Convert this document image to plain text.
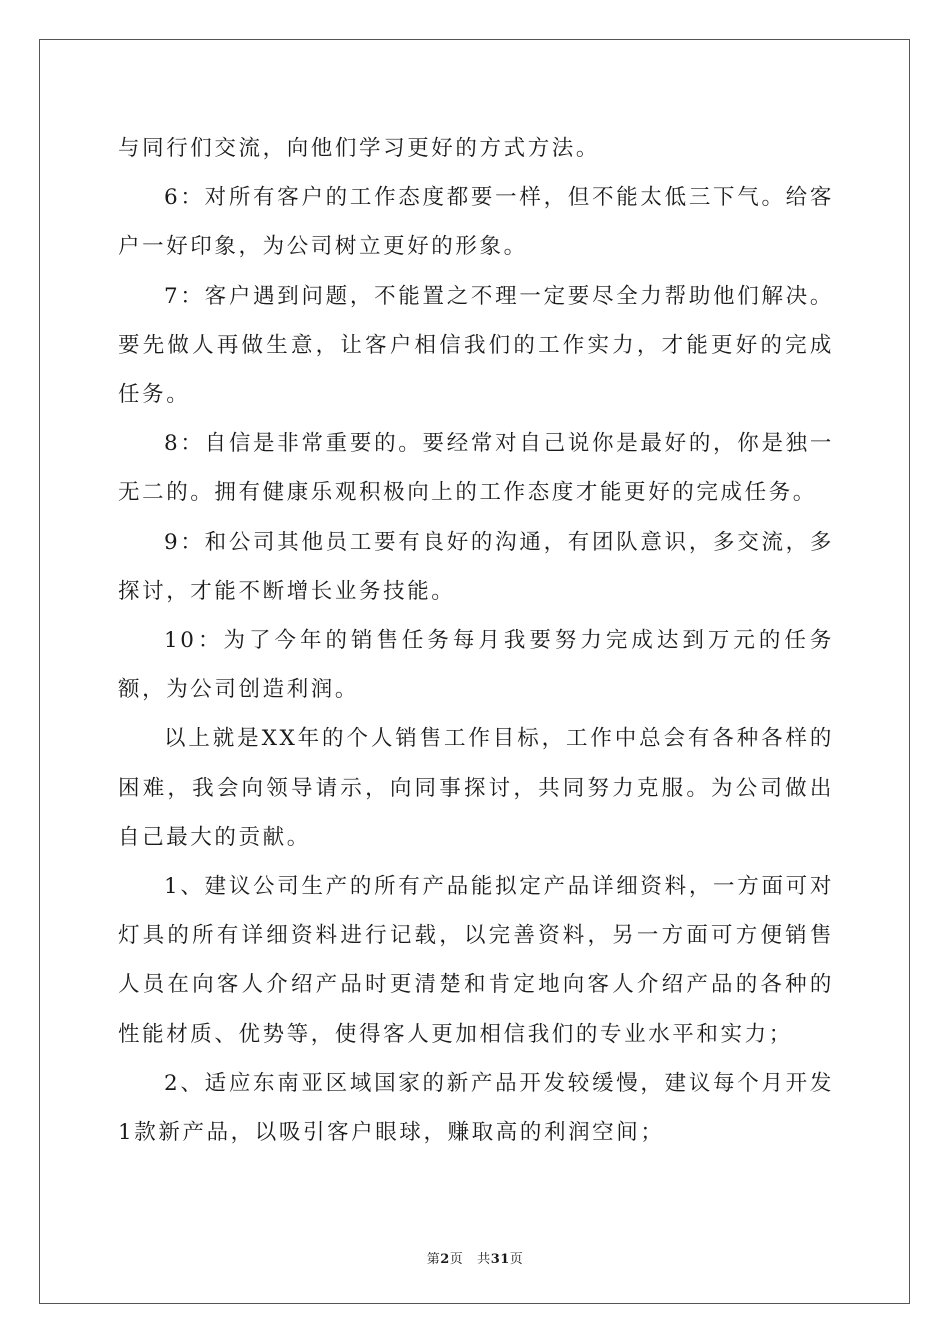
与同行们交流，向他们学习更好的方式方法。

6：对所有客户的工作态度都要一样，但不能太低三下气。给客户一好印象，为公司树立更好的形象。

7：客户遇到问题，不能置之不理一定要尽全力帮助他们解决。要先做人再做生意，让客户相信我们的工作实力，才能更好的完成任务。

8：自信是非常重要的。要经常对自己说你是最好的，你是独一无二的。拥有健康乐观积极向上的工作态度才能更好的完成任务。

9：和公司其他员工要有良好的沟通，有团队意识，多交流，多探讨，才能不断增长业务技能。

10：为了今年的销售任务每月我要努力完成达到万元的任务额，为公司创造利润。

以上就是XX年的个人销售工作目标，工作中总会有各种各样的困难，我会向领导请示，向同事探讨，共同努力克服。为公司做出自己最大的贡献。

1、建议公司生产的所有产品能拟定产品详细资料，一方面可对灯具的所有详细资料进行记载，以完善资料，另一方面可方便销售人员在向客人介绍产品时更清楚和肯定地向客人介绍产品的各种的性能材质、优势等，使得客人更加相信我们的专业水平和实力；

2、适应东南亚区域国家的新产品开发较缓慢，建议每个月开发1款新产品，以吸引客户眼球，赚取高的利润空间；

第2页 共31页
